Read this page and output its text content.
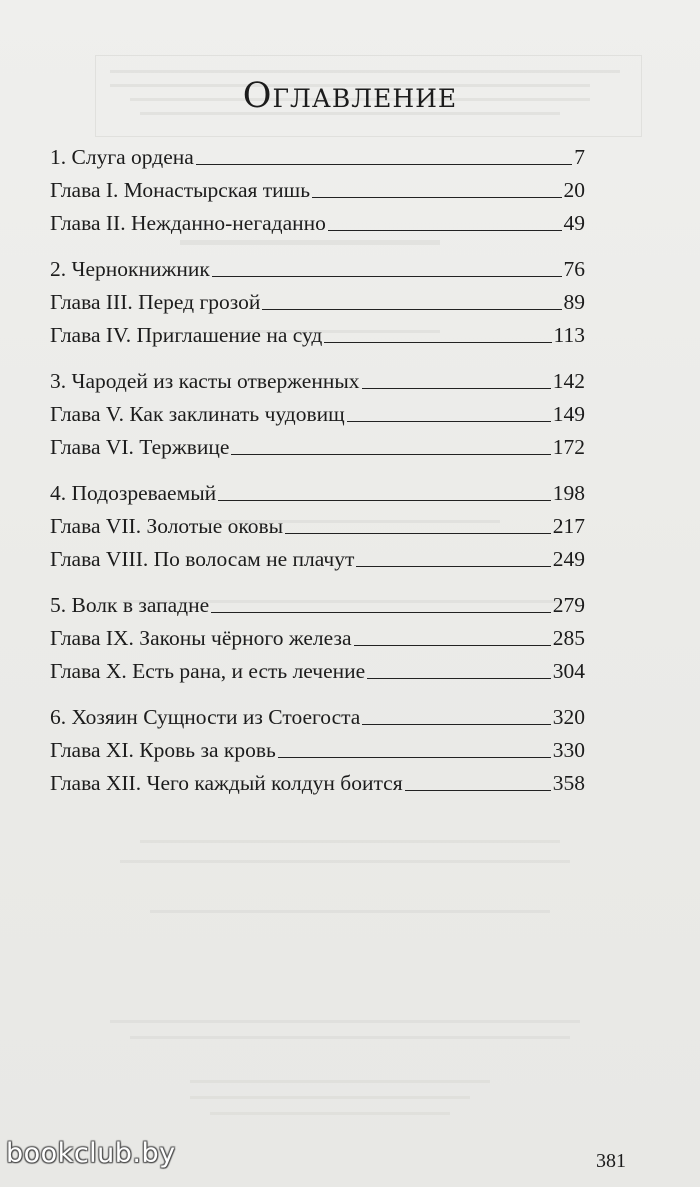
Оглавление
1. Слуга ордена	7
Глава I. Монастырская тишь	20
Глава II. Нежданно-негаданно	49
2. Чернокнижник	76
Глава III. Перед грозой	89
Глава IV. Приглашение на суд	113
3. Чародей из касты отверженных	142
Глава V. Как заклинать чудовищ	149
Глава VI. Тержвице	172
4. Подозреваемый	198
Глава VII. Золотые оковы	217
Глава VIII. По волосам не плачут	249
5. Волк в западне	279
Глава IX. Законы чёрного железа	285
Глава X. Есть рана, и есть лечение	304
6. Хозяин Сущности из Стоегоста	320
Глава XI. Кровь за кровь	330
Глава XII. Чего каждый колдун боится	358
bookclub.by	381
